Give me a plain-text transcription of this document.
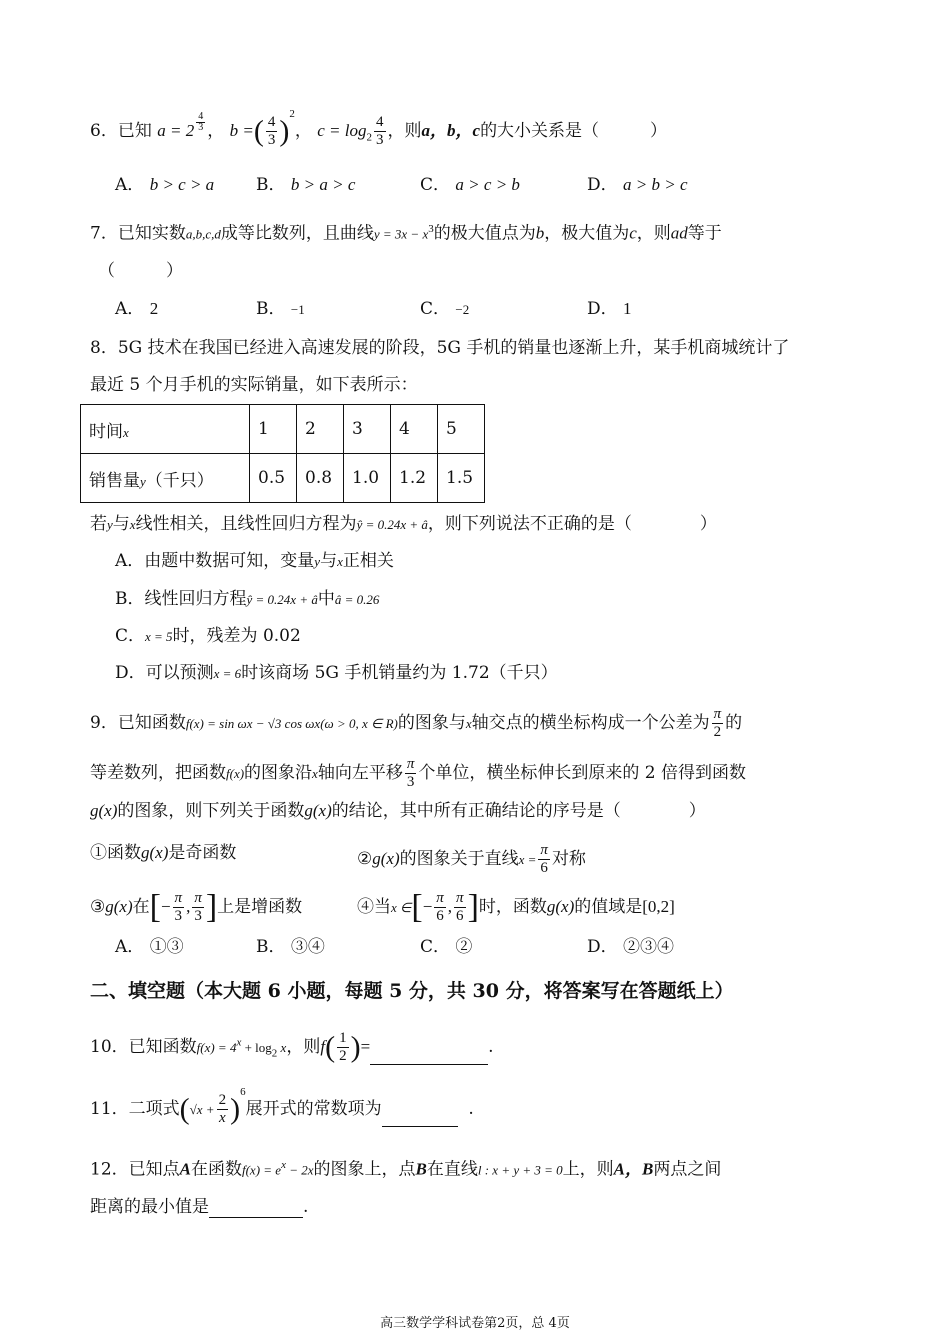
6．已知 a = 2 $^{\frac{4}{3}}$ ， b =( $\frac{4}{3} )^2$， $c = \log_2 \frac{4}{3}$ ，则a，b，c的大小关系是（　　　）
A． b > c > a B． b > a > c	C． a > c > b	D． a > b > c
7．已知实数a,b,c,d成等比数列，且曲线$y = 3x - x^3$的极大值点为b，极大值为c，则ad等于
（　　　）
A． 2	B． −1	C． −2	D． 1
8．5G 技术在我国已经进入高速发展的阶段，5G 手机的销量也逐渐上升，某手机商城统计了
最近 5 个月手机的实际销量，如下表所示：
时间x	1	2	3	4	5
销售量y（千只）	0.5	0.8	1.0	1.2	1.5
若y与x线性相关，且线性回归方程为ŷ = 0.24x + â，则下列说法不正确的是（　　　　）
A．由题中数据可知，变量y与x正相关
B．线性回归方程ŷ = 0.24x + â中â = 0.26
C．x = 5时，残差为 0.02
D．可以预测x = 6时该商场 5G 手机销量约为 1.72（千只）
9．已知函数f(x) = sin ωx − √3 cos ωx(ω > 0, x ∈ R)的图象与x轴交点的横坐标构成一个公差为 $\frac{\pi}{2}$ 的
等差数列，把函数f(x)的图象沿x轴向左平移 $\frac{\pi}{3}$ 个单位，横坐标伸长到原来的 2 倍得到函数
g(x)的图象，则下列关于函数g(x)的结论，其中所有正确结论的序号是（　　　　）
①函数g(x)是奇函数	②g(x)的图象关于直线$x = \frac{\pi}{6}$ 对称
③g(x)在[− $\frac{\pi}{3}$ , $\frac{\pi}{3}$ ]上是增函数	④当x ∈[− $\frac{\pi}{6}$ , $\frac{\pi}{6}$ ]时，函数g(x)的值域是[0,2]
A． ①③	B． ③④	C． ②	D． ②③④
二、填空题（本大题 6 小题，每题 5 分，共 30 分，将答案写在答题纸上）
10．已知函数$f(x) = 4^x + \log_2 x$，则$f( \frac{1}{2}$ )=	.
11．二项式$(√x + \frac{2}{x} )^6$展开式的常数项为	.
12．已知点A在函数$f(x) = e^x - 2x$的图象上，点B在直线l : x + y + 3 = 0上，则A，B两点之间
距离的最小值是	.
高三数学学科试卷第2页，总 4页
